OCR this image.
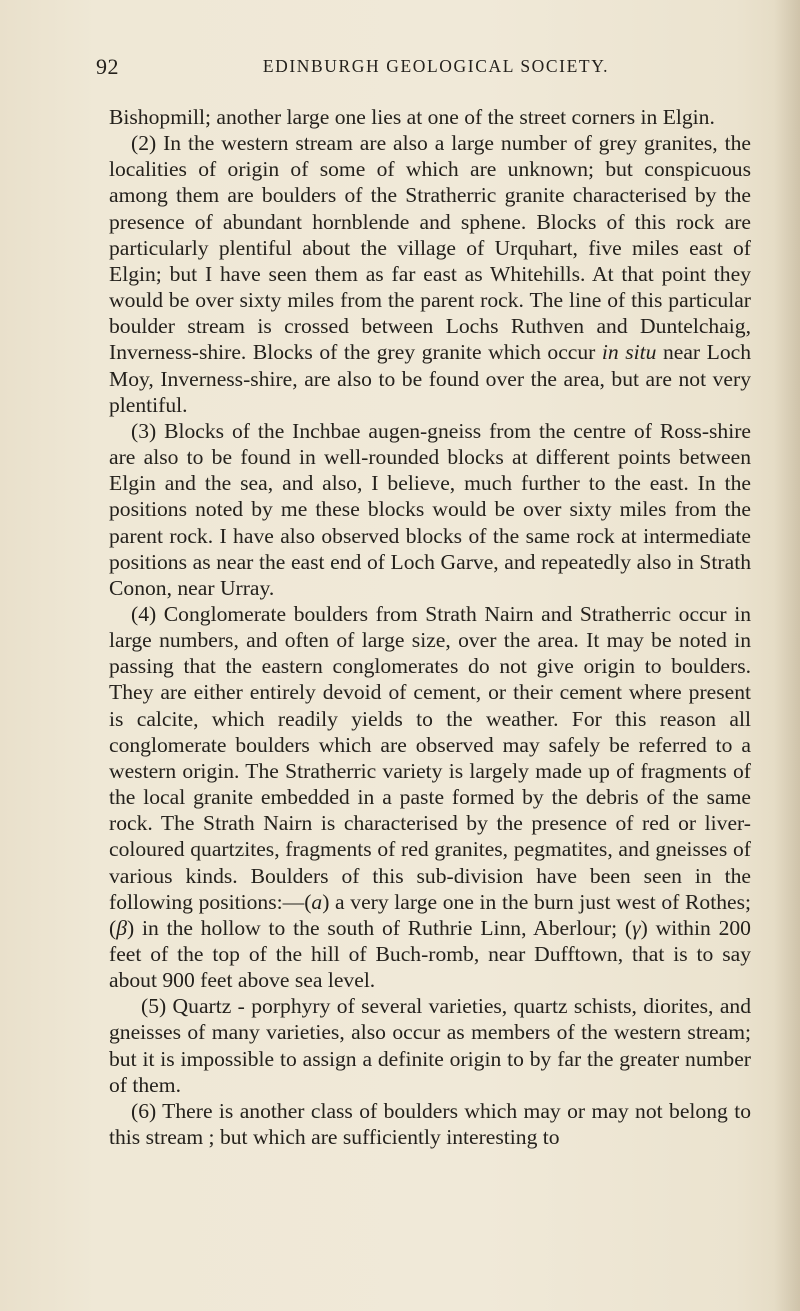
92	EDINBURGH GEOLOGICAL SOCIETY.

Bishopmill; another large one lies at one of the street corners in Elgin.

(2) In the western stream are also a large number of grey granites, the localities of origin of some of which are unknown; but conspicuous among them are boulders of the Stratherric granite characterised by the presence of abundant hornblende and sphene. Blocks of this rock are particularly plentiful about the village of Urquhart, five miles east of Elgin; but I have seen them as far east as Whitehills. At that point they would be over sixty miles from the parent rock. The line of this particular boulder stream is crossed between Lochs Ruthven and Duntelchaig, Inverness-shire. Blocks of the grey granite which occur in situ near Loch Moy, Inverness-shire, are also to be found over the area, but are not very plentiful.

(3) Blocks of the Inchbae augen-gneiss from the centre of Ross-shire are also to be found in well-rounded blocks at different points between Elgin and the sea, and also, I believe, much further to the east. In the positions noted by me these blocks would be over sixty miles from the parent rock. I have also observed blocks of the same rock at intermediate positions as near the east end of Loch Garve, and repeatedly also in Strath Conon, near Urray.

(4) Conglomerate boulders from Strath Nairn and Stratherric occur in large numbers, and often of large size, over the area. It may be noted in passing that the eastern conglomerates do not give origin to boulders. They are either entirely devoid of cement, or their cement where present is calcite, which readily yields to the weather. For this reason all conglomerate boulders which are observed may safely be referred to a western origin. The Stratherric variety is largely made up of fragments of the local granite embedded in a paste formed by the debris of the same rock. The Strath Nairn is characterised by the presence of red or liver-coloured quartzites, fragments of red granites, pegmatites, and gneisses of various kinds. Boulders of this sub-division have been seen in the following positions:—(a) a very large one in the burn just west of Rothes; (β) in the hollow to the south of Ruthrie Linn, Aberlour; (γ) within 200 feet of the top of the hill of Buch-romb, near Dufftown, that is to say about 900 feet above sea level.

(5) Quartz - porphyry of several varieties, quartz schists, diorites, and gneisses of many varieties, also occur as members of the western stream; but it is impossible to assign a definite origin to by far the greater number of them.

(6) There is another class of boulders which may or may not belong to this stream ; but which are sufficiently interesting to
